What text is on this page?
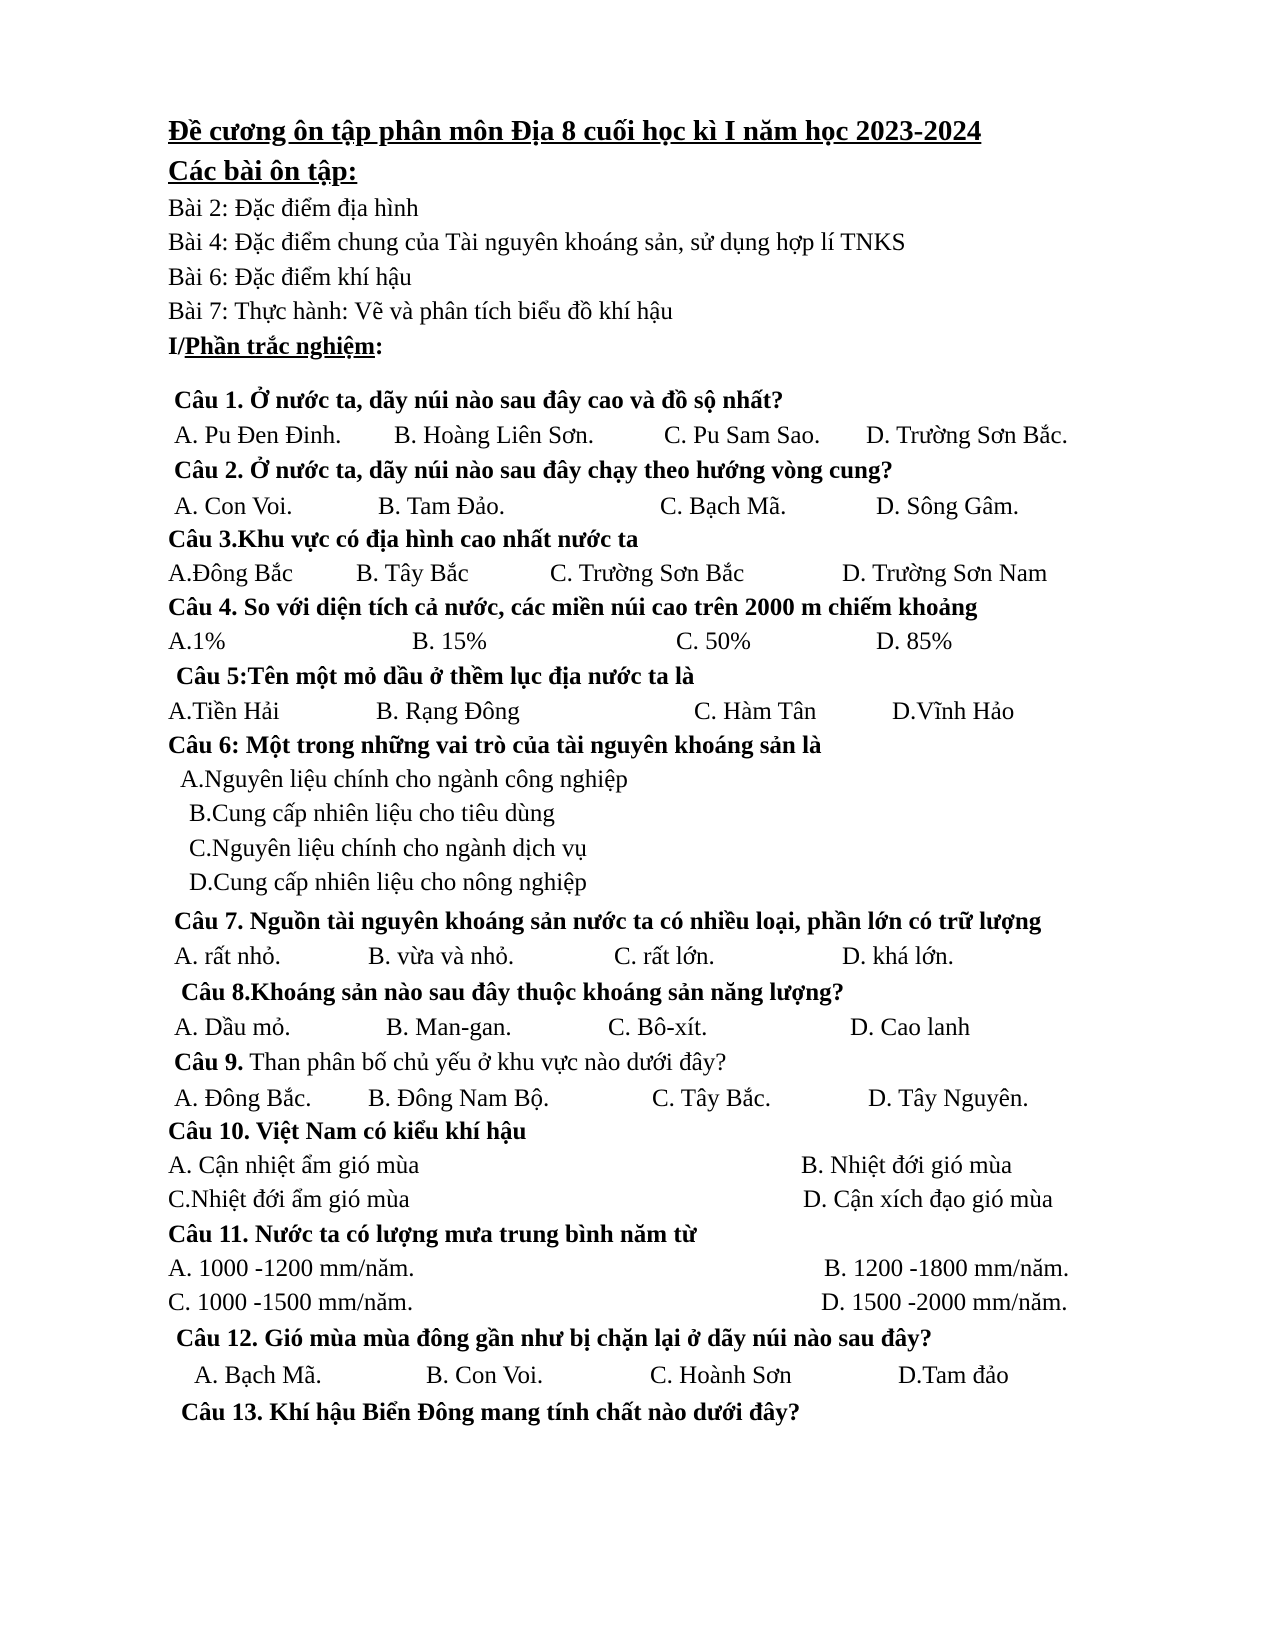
Đề cương ôn tập phân môn Địa 8 cuối học kì I năm học 2023-2024
Các bài ôn tập:
Bài 2: Đặc điểm địa hình
Bài 4: Đặc điểm chung của Tài nguyên khoáng sản, sử dụng hợp lí TNKS
Bài 6: Đặc điểm khí hậu
Bài 7: Thực hành: Vẽ và phân tích biểu đồ khí hậu
I/Phần trắc nghiệm:
Câu 1. Ở nước ta, dãy núi nào sau đây cao và đồ sộ nhất?
A. Pu Đen Đinh. B. Hoàng Liên Sơn.	C. Pu Sam Sao. D. Trường Sơn Bắc.
Câu 2. Ở nước ta, dãy núi nào sau đây chạy theo hướng vòng cung?
A. Con Voi.	B. Tam Đảo.	C. Bạch Mã.	D. Sông Gâm.
Câu 3.Khu vực có địa hình cao nhất nước ta
A.Đông Bắc	B. Tây Bắc	C. Trường Sơn Bắc	D. Trường Sơn Nam
Câu 4. So với diện tích cả nước, các miền núi cao trên 2000 m chiếm khoảng
A.1%	B. 15%	C. 50%	D. 85%
Câu 5:Tên một mỏ dầu ở thềm lục địa nước ta là
A.Tiền Hải	B. Rạng Đông	C. Hàm Tân	D.Vĩnh Hảo
Câu 6: Một trong những vai trò của tài nguyên khoáng sản là
A.Nguyên liệu chính cho ngành công nghiệp
B.Cung cấp nhiên liệu cho tiêu dùng
C.Nguyên liệu chính cho ngành dịch vụ
D.Cung cấp nhiên liệu cho nông nghiệp
Câu 7. Nguồn tài nguyên khoáng sản nước ta có nhiều loại, phần lớn có trữ lượng
A. rất nhỏ.	B. vừa và nhỏ.	C. rất lớn.	D. khá lớn.
Câu 8.Khoáng sản nào sau đây thuộc khoáng sản năng lượng?
A. Dầu mỏ.	B. Man-gan.	C. Bô-xít.	D. Cao lanh
Câu 9. Than phân bố chủ yếu ở khu vực nào dưới đây?
A. Đông Bắc. B. Đông Nam Bộ.	C. Tây Bắc.	D. Tây Nguyên.
Câu 10. Việt Nam có kiểu khí hậu
A. Cận nhiệt ẩm gió mùa	B. Nhiệt đới gió mùa
C.Nhiệt đới ẩm gió mùa	D. Cận xích đạo gió mùa
Câu 11. Nước ta có lượng mưa trung bình năm từ
A. 1000 -1200 mm/năm.	B. 1200 -1800 mm/năm.
C. 1000 -1500 mm/năm.	D. 1500 -2000 mm/năm.
Câu 12. Gió mùa mùa đông gần như bị chặn lại ở dãy núi nào sau đây?
A. Bạch Mã.	B. Con Voi.	C. Hoành Sơn	D.Tam đảo
Câu 13. Khí hậu Biển Đông mang tính chất nào dưới đây?
